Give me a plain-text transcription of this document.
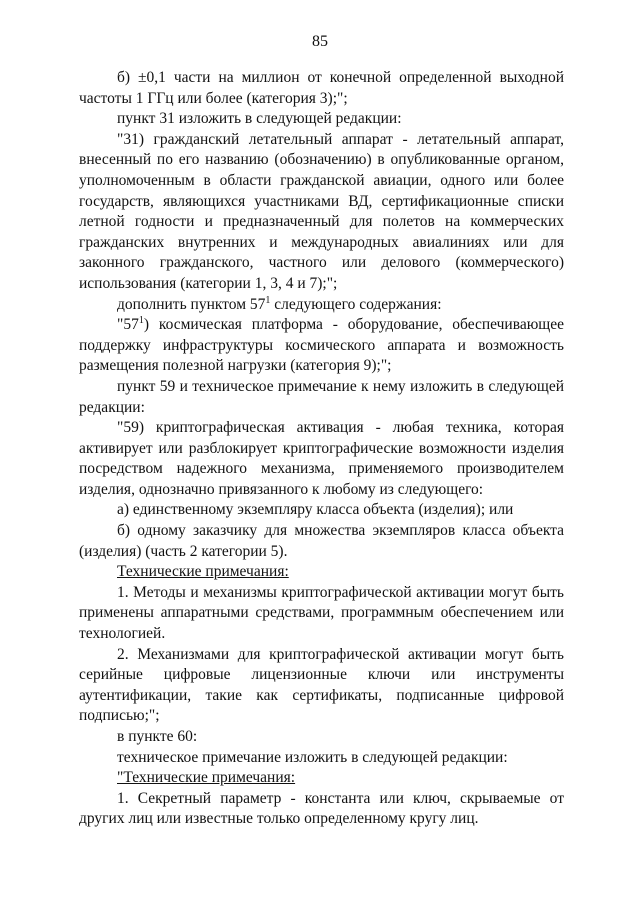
85

б) ±0,1 части на миллион от конечной определенной выходной частоты 1 ГГц или более (категория 3);";

пункт 31 изложить в следующей редакции:

"31) гражданский летательный аппарат - летательный аппарат, внесенный по его названию (обозначению) в опубликованные органом, уполномоченным в области гражданской авиации, одного или более государств, являющихся участниками ВД, сертификационные списки летной годности и предназначенный для полетов на коммерческих гражданских внутренних и международных авиалиниях или для законного гражданского, частного или делового (коммерческого) использования (категории 1, 3, 4 и 7);";

дополнить пунктом $57^1$ следующего содержания:

"$57^1$) космическая платформа - оборудование, обеспечивающее поддержку инфраструктуры космического аппарата и возможность размещения полезной нагрузки (категория 9);";

пункт 59 и техническое примечание к нему изложить в следующей редакции:

"59) криптографическая активация - любая техника, которая активирует или разблокирует криптографические возможности изделия посредством надежного механизма, применяемого производителем изделия, однозначно привязанного к любому из следующего:

а) единственному экземпляру класса объекта (изделия); или

б) одному заказчику для множества экземпляров класса объекта (изделия) (часть 2 категории 5).

Технические примечания:

1. Методы и механизмы криптографической активации могут быть применены аппаратными средствами, программным обеспечением или технологией.

2. Механизмами для криптографической активации могут быть серийные цифровые лицензионные ключи или инструменты аутентификации, такие как сертификаты, подписанные цифровой подписью;";

в пункте 60:

техническое примечание изложить в следующей редакции:

"Технические примечания:

1. Секретный параметр - константа или ключ, скрываемые от других лиц или известные только определенному кругу лиц.
